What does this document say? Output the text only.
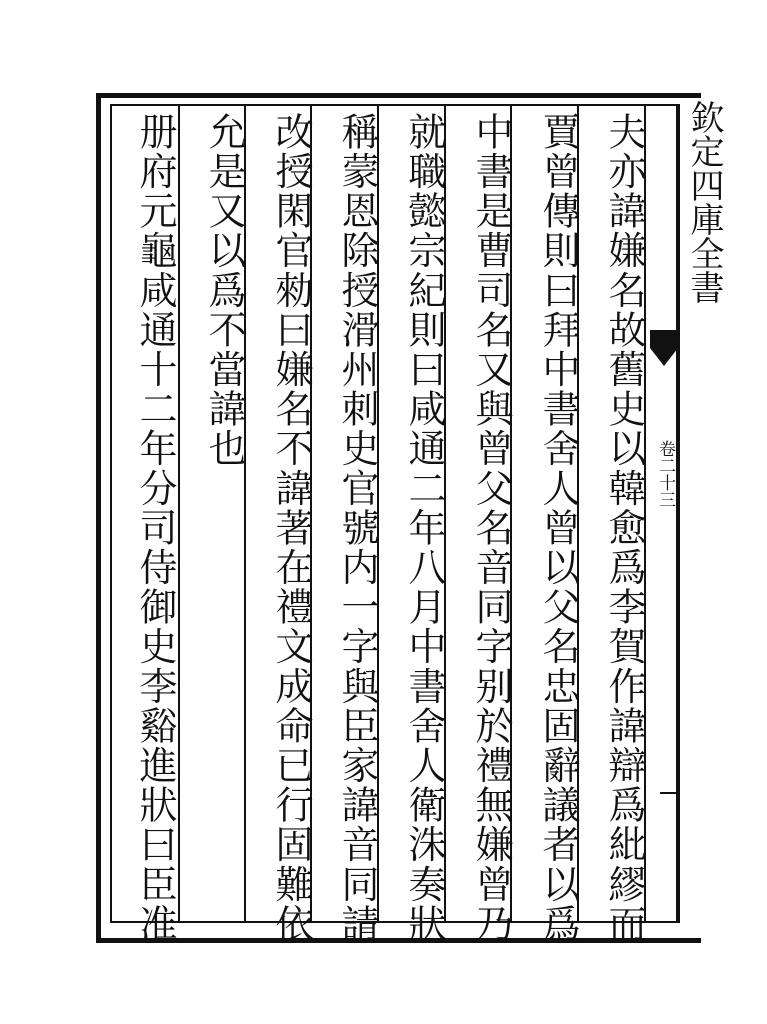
夫亦諱嫌名故舊史以韓愈爲李賀作諱辯爲紕繆而
賈曾傳則曰拜中書舍人曾以父名忠固辭議者以爲
中書是曹司名又與曾父名音同字别於禮無嫌曾乃
就職懿宗紀則曰咸通二年八月中書舍人衛洙奏狀
稱蒙恩除授滑州刺史官號内一字與臣家諱音同請
改授閑官勑曰嫌名不諱著在禮文成命已行固難依
允是又以爲不當諱也
册府元龜咸通十二年分司侍御史李谿進狀曰臣准	欽定四庫全書
卷二十三
